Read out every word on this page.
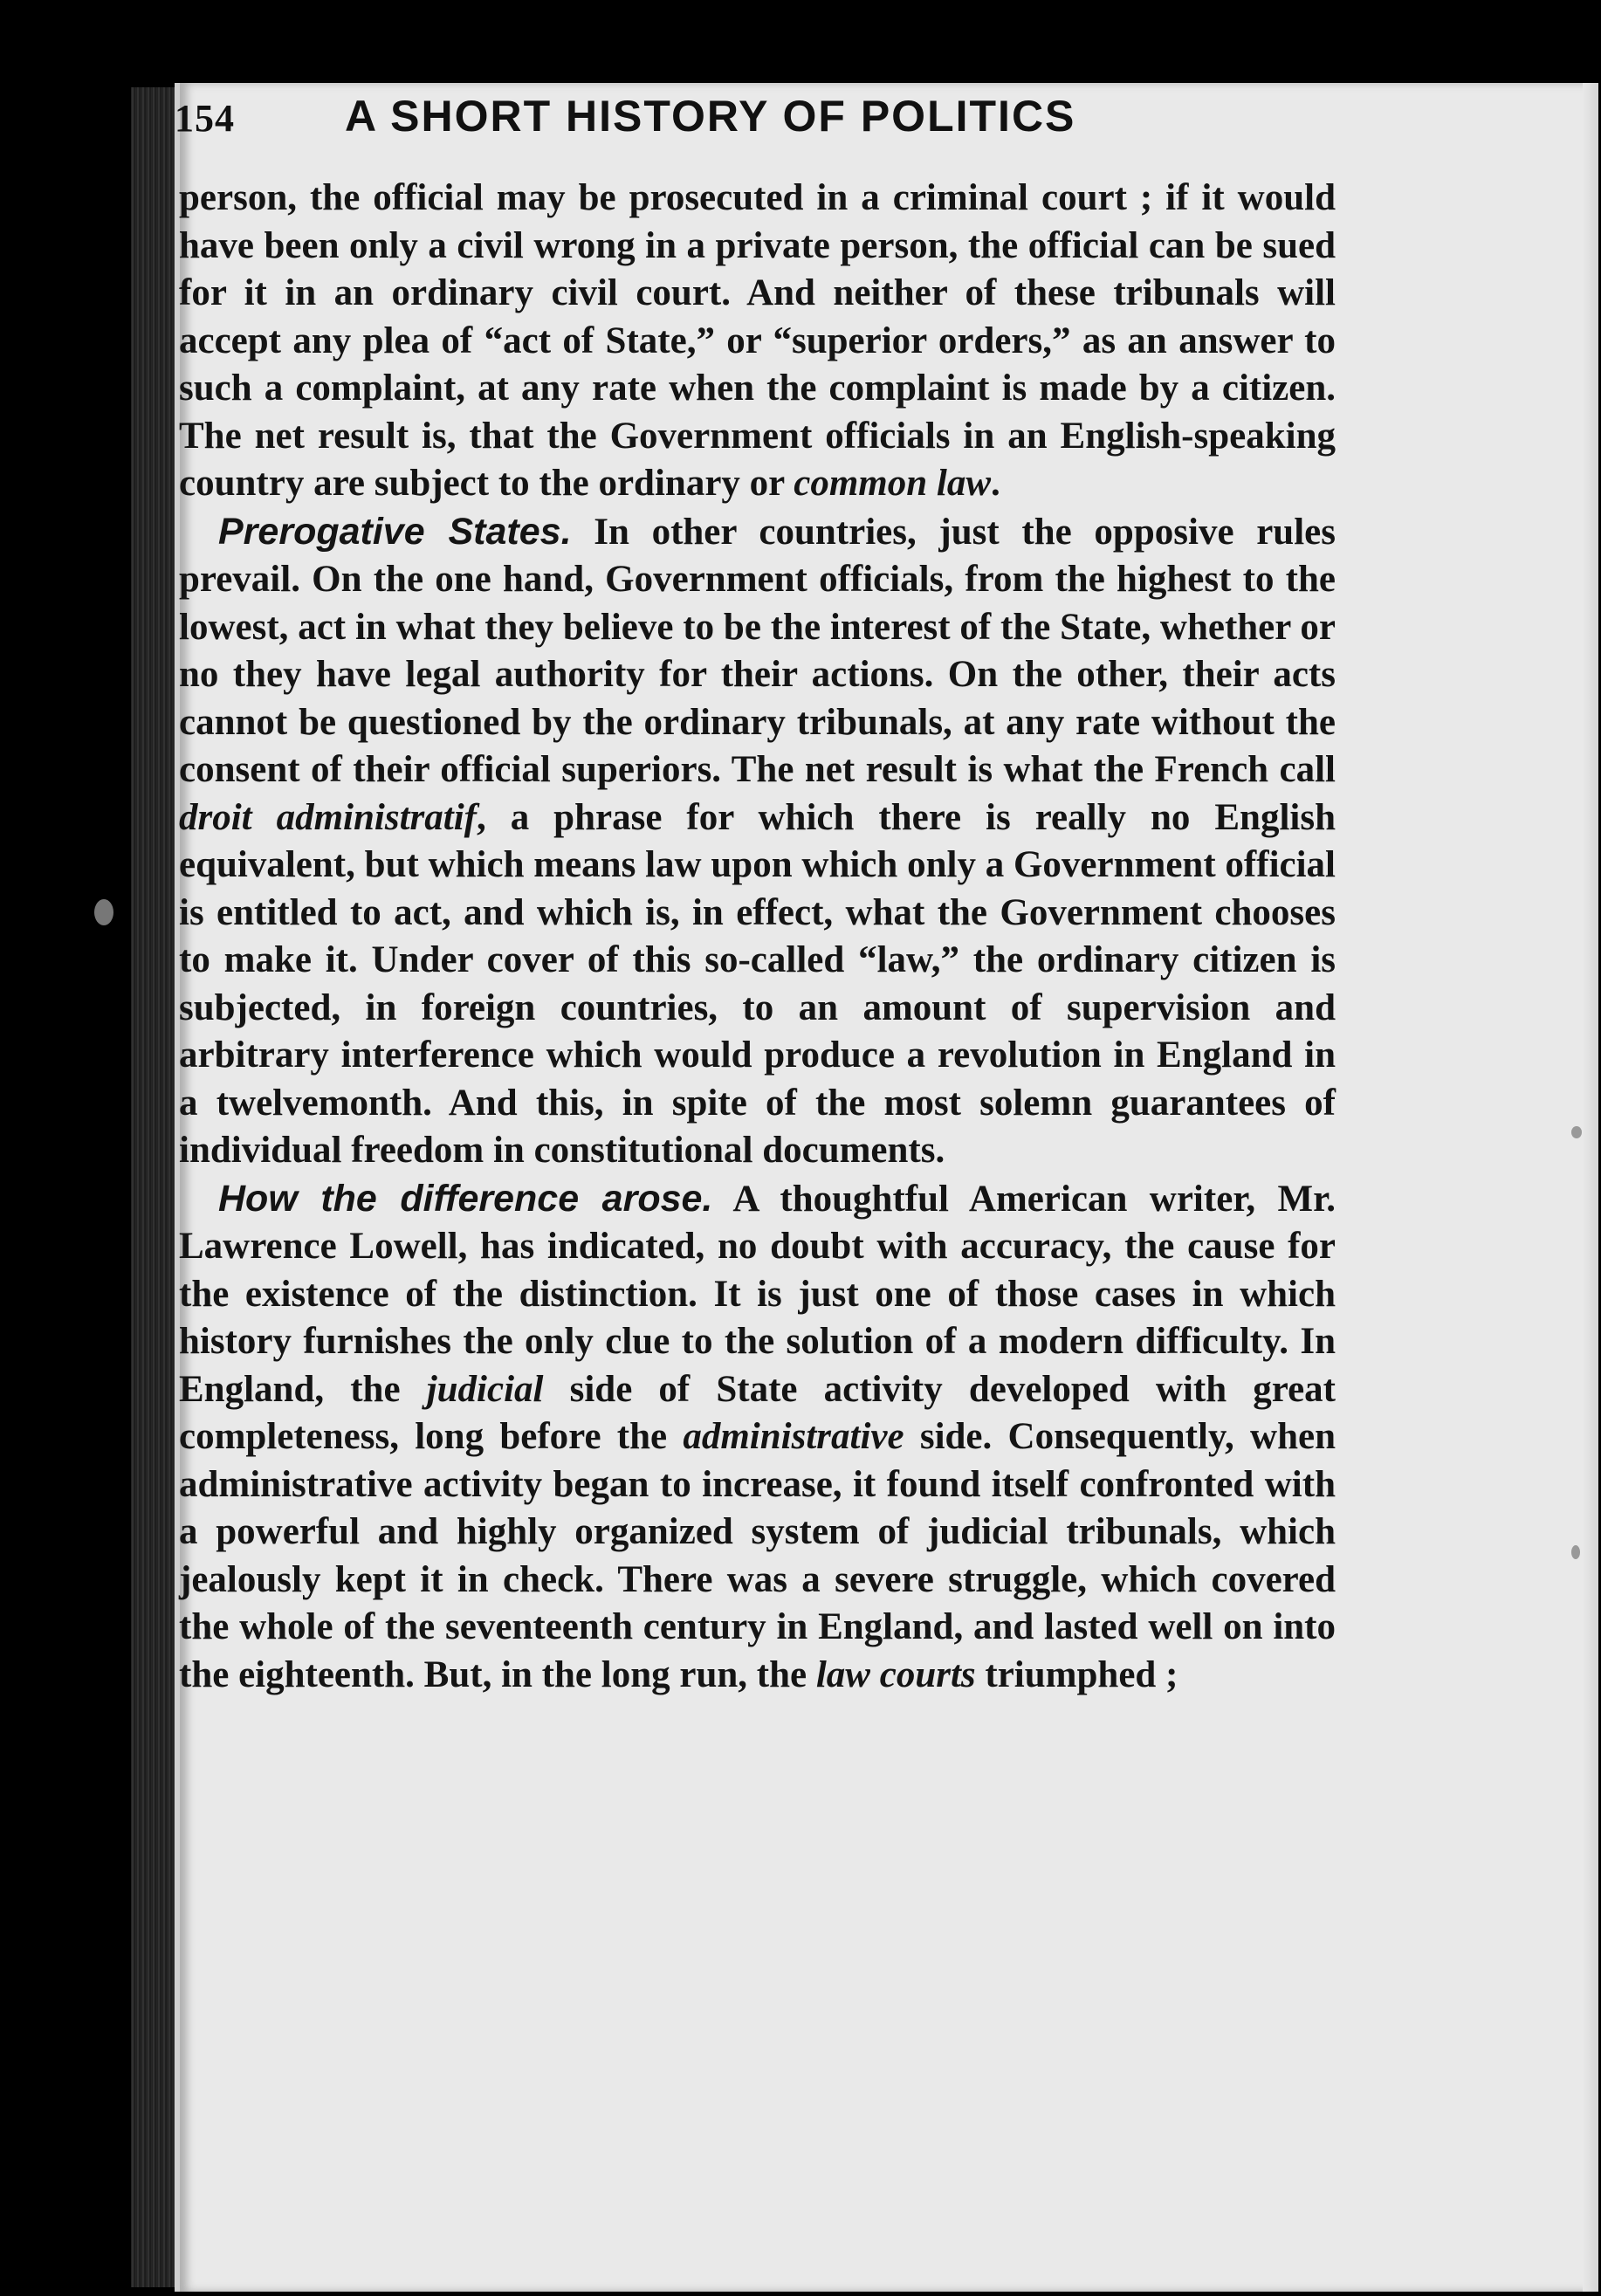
154	A SHORT HISTORY OF POLITICS

person, the official may be prosecuted in a criminal court ; if it would have been only a civil wrong in a private person, the official can be sued for it in an ordinary civil court. And neither of these tribunals will accept any plea of “act of State,” or “superior orders,” as an answer to such a complaint, at any rate when the complaint is made by a citizen. The net result is, that the Government officials in an English-speaking country are subject to the ordinary or common law.

Prerogative States. In other countries, just the opposive rules prevail. On the one hand, Government officials, from the highest to the lowest, act in what they believe to be the interest of the State, whether or no they have legal authority for their actions. On the other, their acts cannot be questioned by the ordinary tribunals, at any rate without the consent of their official superiors. The net result is what the French call droit administratif, a phrase for which there is really no English equivalent, but which means law upon which only a Government official is entitled to act, and which is, in effect, what the Government chooses to make it. Under cover of this so-called “law,” the ordinary citizen is subjected, in foreign countries, to an amount of supervision and arbitrary interference which would produce a revolution in England in a twelvemonth. And this, in spite of the most solemn guarantees of individual freedom in constitutional documents.

How the difference arose. A thoughtful American writer, Mr. Lawrence Lowell, has indicated, no doubt with accuracy, the cause for the existence of the distinction. It is just one of those cases in which history furnishes the only clue to the solution of a modern difficulty. In England, the judicial side of State activity developed with great completeness, long before the administrative side. Consequently, when administrative activity began to increase, it found itself confronted with a powerful and highly organized system of judicial tribunals, which jealously kept it in check. There was a severe struggle, which covered the whole of the seventeenth century in England, and lasted well on into the eighteenth. But, in the long run, the law courts triumphed ;
